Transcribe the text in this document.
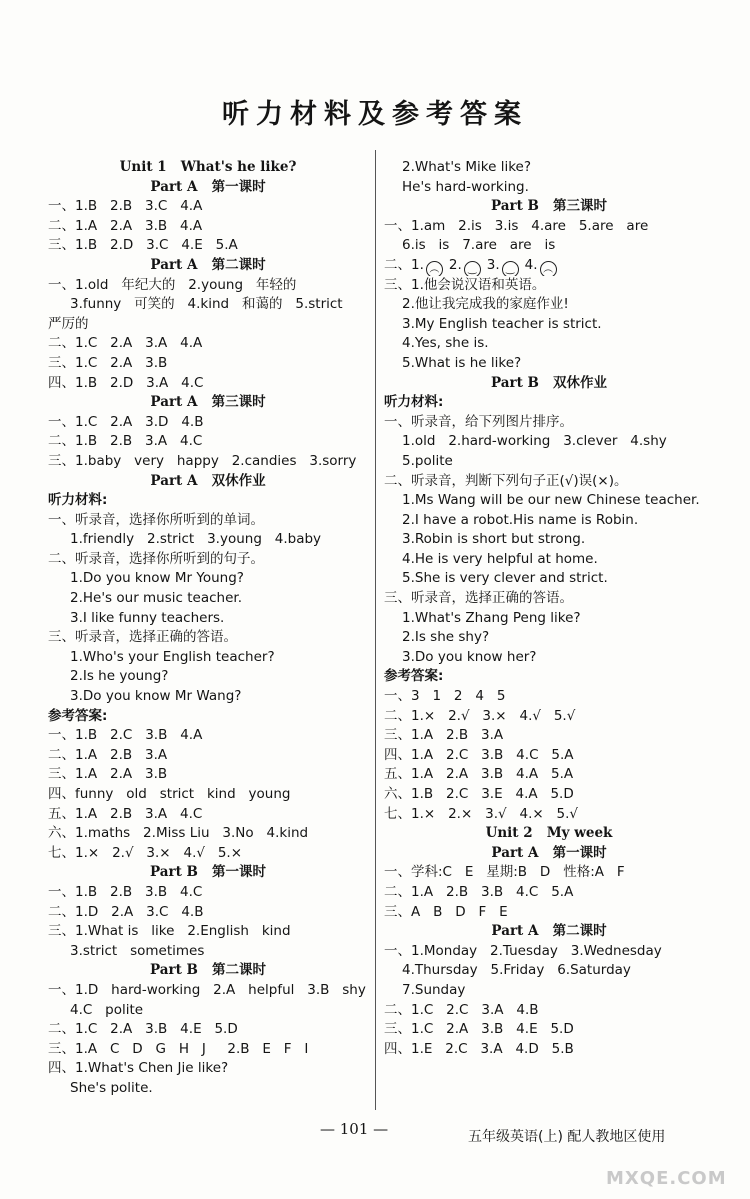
听力材料及参考答案
Unit 1   What's he like?
Part A   第一课时
一、1.B   2.B   3.C   4.A
二、1.A   2.A   3.B   4.A
三、1.B   2.D   3.C   4.E   5.A
Part A   第二课时
一、1.old   年纪大的   2.young   年轻的
3.funny   可笑的   4.kind   和蔼的   5.strict
严厉的
二、1.C   2.A   3.A   4.A
三、1.C   2.A   3.B
四、1.B   2.D   3.A   4.C
Part A   第三课时
一、1.C   2.A   3.D   4.B
二、1.B   2.B   3.A   4.C
三、1.baby   very   happy   2.candies   3.sorry
Part A   双休作业
听力材料:
一、听录音，选择你所听到的单词。
1.friendly   2.strict   3.young   4.baby
二、听录音，选择你所听到的句子。
1.Do you know Mr Young?
2.He's our music teacher.
3.I like funny teachers.
三、听录音，选择正确的答语。
1.Who's your English teacher?
2.Is he young?
3.Do you know Mr Wang?
参考答案:
一、1.B   2.C   3.B   4.A
二、1.A   2.B   3.A
三、1.A   2.A   3.B
四、funny   old   strict   kind   young
五、1.A   2.B   3.A   4.C
六、1.maths   2.Miss Liu   3.No   4.kind
七、1.×   2.√   3.×   4.√   5.×
Part B   第一课时
一、1.B   2.B   3.B   4.C
二、1.D   2.A   3.C   4.B
三、1.What is   like   2.English   kind
3.strict   sometimes
Part B   第二课时
一、1.D   hard-working   2.A   helpful   3.B   shy
4.C   polite
二、1.C   2.A   3.B   4.E   5.D
三、1.A   C   D   G   H   J     2.B   E   F   I
四、1.What's Chen Jie like?
She's polite.
2.What's Mike like?
He's hard-working.
Part B   第三课时
一、1.am   2.is   3.is   4.are   5.are   are
6.is   is   7.are   are   is
二、1. ︵ 2. ‿ 3. ‿ 4. ︵
三、1.他会说汉语和英语。
2.他让我完成我的家庭作业!
3.My English teacher is strict.
4.Yes, she is.
5.What is he like?
Part B   双休作业
听力材料:
一、听录音，给下列图片排序。
1.old   2.hard-working   3.clever   4.shy
5.polite
二、听录音，判断下列句子正(√)误(×)。
1.Ms Wang will be our new Chinese teacher.
2.I have a robot.His name is Robin.
3.Robin is short but strong.
4.He is very helpful at home.
5.She is very clever and strict.
三、听录音，选择正确的答语。
1.What's Zhang Peng like?
2.Is she shy?
3.Do you know her?
参考答案:
一、3   1   2   4   5
二、1.×   2.√   3.×   4.√   5.√
三、1.A   2.B   3.A
四、1.A   2.C   3.B   4.C   5.A
五、1.A   2.A   3.B   4.A   5.A
六、1.B   2.C   3.E   4.A   5.D
七、1.×   2.×   3.√   4.×   5.√
Unit 2   My week
Part A   第一课时
一、学科:C   E   星期:B   D   性格:A   F
二、1.A   2.B   3.B   4.C   5.A
三、A   B   D   F   E
Part A   第二课时
一、1.Monday   2.Tuesday   3.Wednesday
4.Thursday   5.Friday   6.Saturday
7.Sunday
二、1.C   2.C   3.A   4.B
三、1.C   2.A   3.B   4.E   5.D
四、1.E   2.C   3.A   4.D   5.B
— 101 —	五年级英语(上) 配人教地区使用
MXQE.COM
